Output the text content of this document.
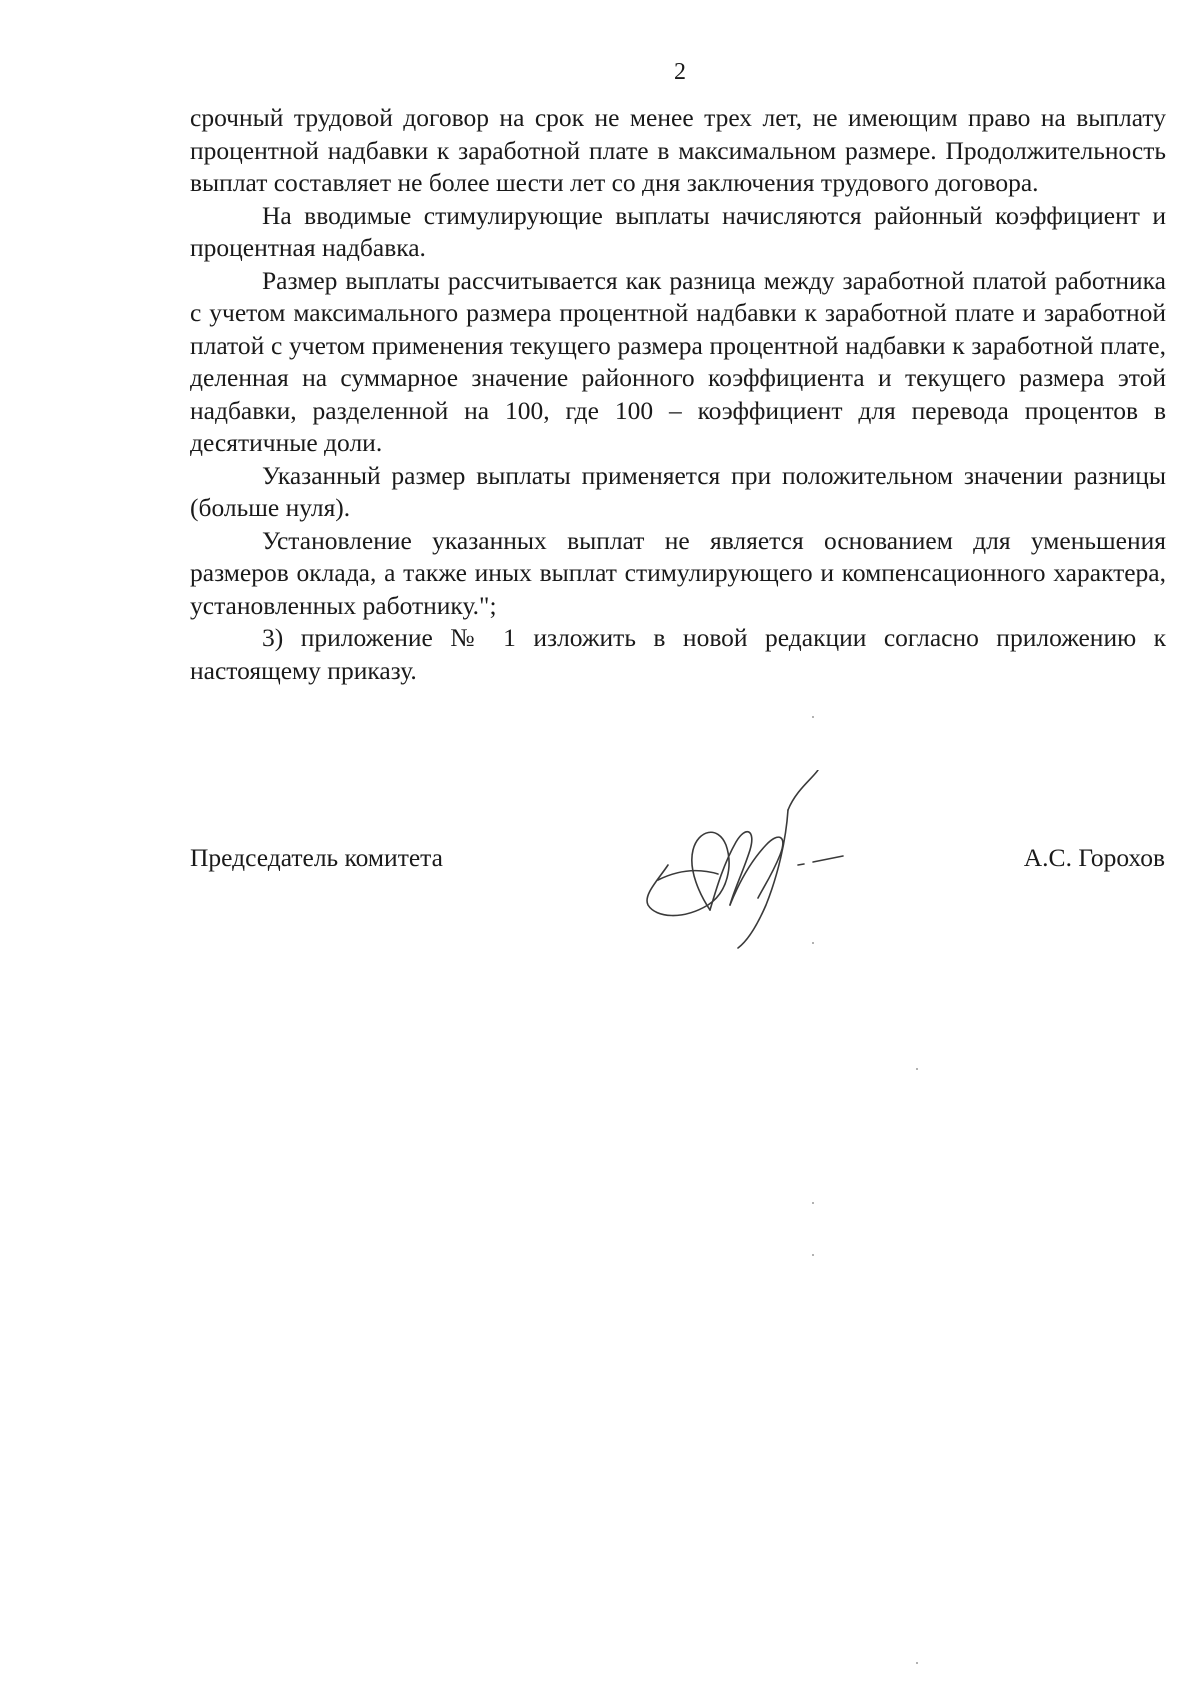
2

срочный трудовой договор на срок не менее трех лет, не имеющим право на выплату процентной надбавки к заработной плате в максимальном размере. Продолжительность выплат составляет не более шести лет со дня заключения трудового договора.

На вводимые стимулирующие выплаты начисляются районный коэффициент и процентная надбавка.

Размер выплаты рассчитывается как разница между заработной платой работника с учетом максимального размера процентной надбавки к заработной плате и заработной платой с учетом применения текущего размера процентной надбавки к заработной плате, деленная на суммарное значение районного коэффициента и текущего размера этой надбавки, разделенной на 100, где 100 – коэффициент для перевода процентов в десятичные доли.

Указанный размер выплаты применяется при положительном значении разницы (больше нуля).

Установление указанных выплат не является основанием для уменьшения размеров оклада, а также иных выплат стимулирующего и компенсационного характера, установленных работнику.";

3) приложение № 1 изложить в новой редакции согласно приложению к настоящему приказу.

Председатель комитета	А.С. Горохов
